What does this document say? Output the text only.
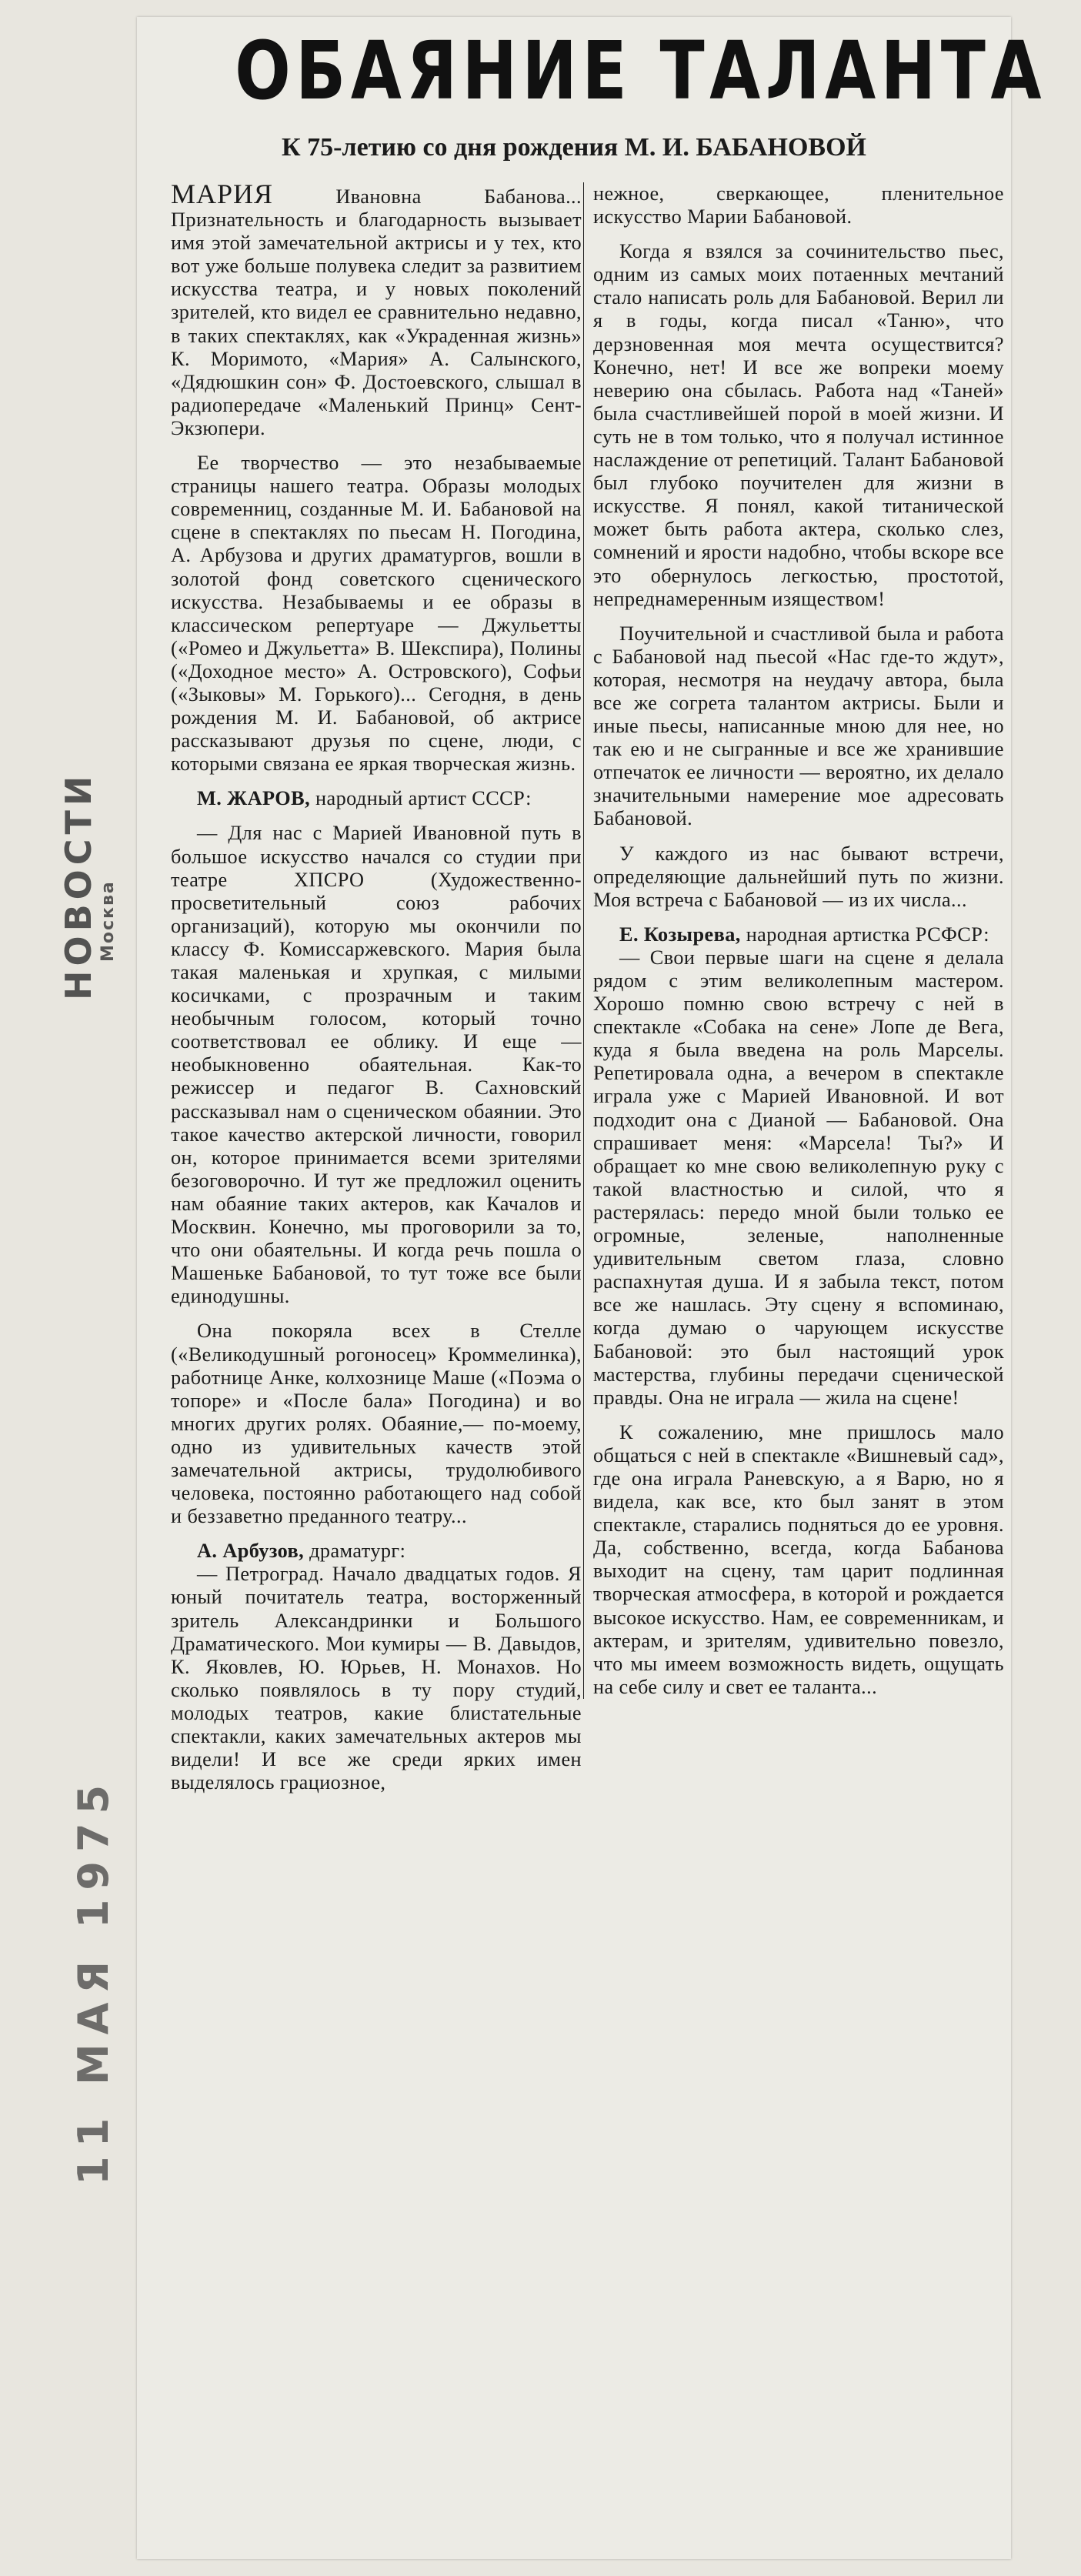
НОВОСТИ Москва
11 МАЯ 1975
ОБАЯНИЕ ТАЛАНТА
К 75-летию со дня рождения М. И. БАБАНОВОЙ

МАРИЯ	Ивановна Бабанова... Признательность и благодарность вызывает имя этой замечательной актрисы и у тех, кто вот уже больше полувека следит за развитием искусства театра, и у новых поколений зрителей, кто видел ее сравнительно недавно, в таких спектаклях, как «Украденная жизнь» К. Моримото, «Мария» А. Салынского, «Дядюшкин сон» Ф. Достоевского, слышал в радиопередаче «Маленький Принц» Сент-Экзюпери.

Ее творчество — это незабываемые страницы нашего театра. Образы молодых современниц, созданные М. И. Бабановой на сцене в спектаклях по пьесам Н. Погодина, А. Арбузова и других драматургов, вошли в золотой фонд советского сценического искусства. Незабываемы и ее образы в классическом репертуаре — Джульетты («Ромео и Джульетта» В. Шекспира), Полины («Доходное место» А. Островского), Софьи («Зыковы» М. Горького)... Сегодня, в день рождения М. И. Бабановой, об актрисе рассказывают друзья по сцене, люди, с которыми связана ее яркая творческая жизнь.

М. ЖАРОВ, народный артист СССР:

— Для нас с Марией Ивановной путь в большое искусство начался со студии при театре ХПСРО (Художественно-просветительный союз рабочих организаций), которую мы окончили по классу Ф. Комиссаржевского. Мария была такая маленькая и хрупкая, с милыми косичками, с прозрачным и таким необычным голосом, который точно соответствовал ее облику. И еще — необыкновенно обаятельная. Как-то режиссер и педагог В. Сахновский рассказывал нам о сценическом обаянии. Это такое качество актерской личности, говорил он, которое принимается всеми зрителями безоговорочно. И тут же предложил оценить нам обаяние таких актеров, как Качалов и Москвин. Конечно, мы проговорили за то, что они обаятельны. И когда речь пошла о Машеньке Бабановой, то тут тоже все были единодушны.

Она покоряла всех в Стелле («Великодушный рогоносец» Кроммелинка), работнице Анке, колхознице Маше («Поэма о топоре» и «После бала» Погодина) и во многих других ролях. Обаяние,— по-моему, одно из удивительных качеств этой замечательной актрисы, трудолюбивого человека, постоянно работающего над собой и беззаветно преданного театру...

А. Арбузов, драматург:

— Петроград. Начало двадцатых годов. Я юный почитатель театра, восторженный зритель Александринки и Большого Драматического. Мои кумиры — В. Давыдов, К. Яковлев, Ю. Юрьев, Н. Монахов. Но сколько появлялось в ту пору студий, молодых театров, какие блистательные спектакли, каких замечательных актеров мы видели! И все же среди ярких имен выделялось грациозное,

нежное, сверкающее, пленительное искусство Марии Бабановой.

Когда я взялся за сочинительство пьес, одним из самых моих потаенных мечтаний стало написать роль для Бабановой. Верил ли я в годы, когда писал «Таню», что дерзновенная моя мечта осуществится? Конечно, нет! И все же вопреки моему неверию она сбылась. Работа над «Таней» была счастливейшей порой в моей жизни. И суть не в том только, что я получал истинное наслаждение от репетиций. Талант Бабановой был глубоко поучителен для жизни в искусстве. Я понял, какой титанической может быть работа актера, сколько слез, сомнений и ярости надобно, чтобы вскоре все это обернулось легкостью, простотой, непреднамеренным изяществом!

Поучительной и счастливой была и работа с Бабановой над пьесой «Нас где-то ждут», которая, несмотря на неудачу автора, была все же согрета талантом актрисы. Были и иные пьесы, написанные мною для нее, но так ею и не сыгранные и все же хранившие отпечаток ее личности — вероятно, их делало значительными намерение мое адресовать Бабановой.

У каждого из нас бывают встречи, определяющие дальнейший путь по жизни. Моя встреча с Бабановой — из их числа...

Е. Козырева, народная артистка РСФСР:

— Свои первые шаги на сцене я делала рядом с этим великолепным мастером. Хорошо помню свою встречу с ней в спектакле «Собака на сене» Лопе де Вега, куда я была введена на роль Марселы. Репетировала одна, а вечером в спектакле играла уже с Марией Ивановной. И вот подходит она с Дианой — Бабановой. Она спрашивает меня: «Марсела! Ты?» И обращает ко мне свою великолепную руку с такой властностью и силой, что я растерялась: передо мной были только ее огромные, зеленые, наполненные удивительным светом глаза, словно распахнутая душа. И я забыла текст, потом все же нашлась. Эту сцену я вспоминаю, когда думаю о чарующем искусстве Бабановой: это был настоящий урок мастерства, глубины передачи сценической правды. Она не играла — жила на сцене!

К сожалению, мне пришлось мало общаться с ней в спектакле «Вишневый сад», где она играла Раневскую, а я Варю, но я видела, как все, кто был занят в этом спектакле, старались подняться до ее уровня. Да, собственно, всегда, когда Бабанова выходит на сцену, там царит подлинная творческая атмосфера, в которой и рождается высокое искусство. Нам, ее современникам, и актерам, и зрителям, удивительно повезло, что мы имеем возможность видеть, ощущать на себе силу и свет ее таланта...
